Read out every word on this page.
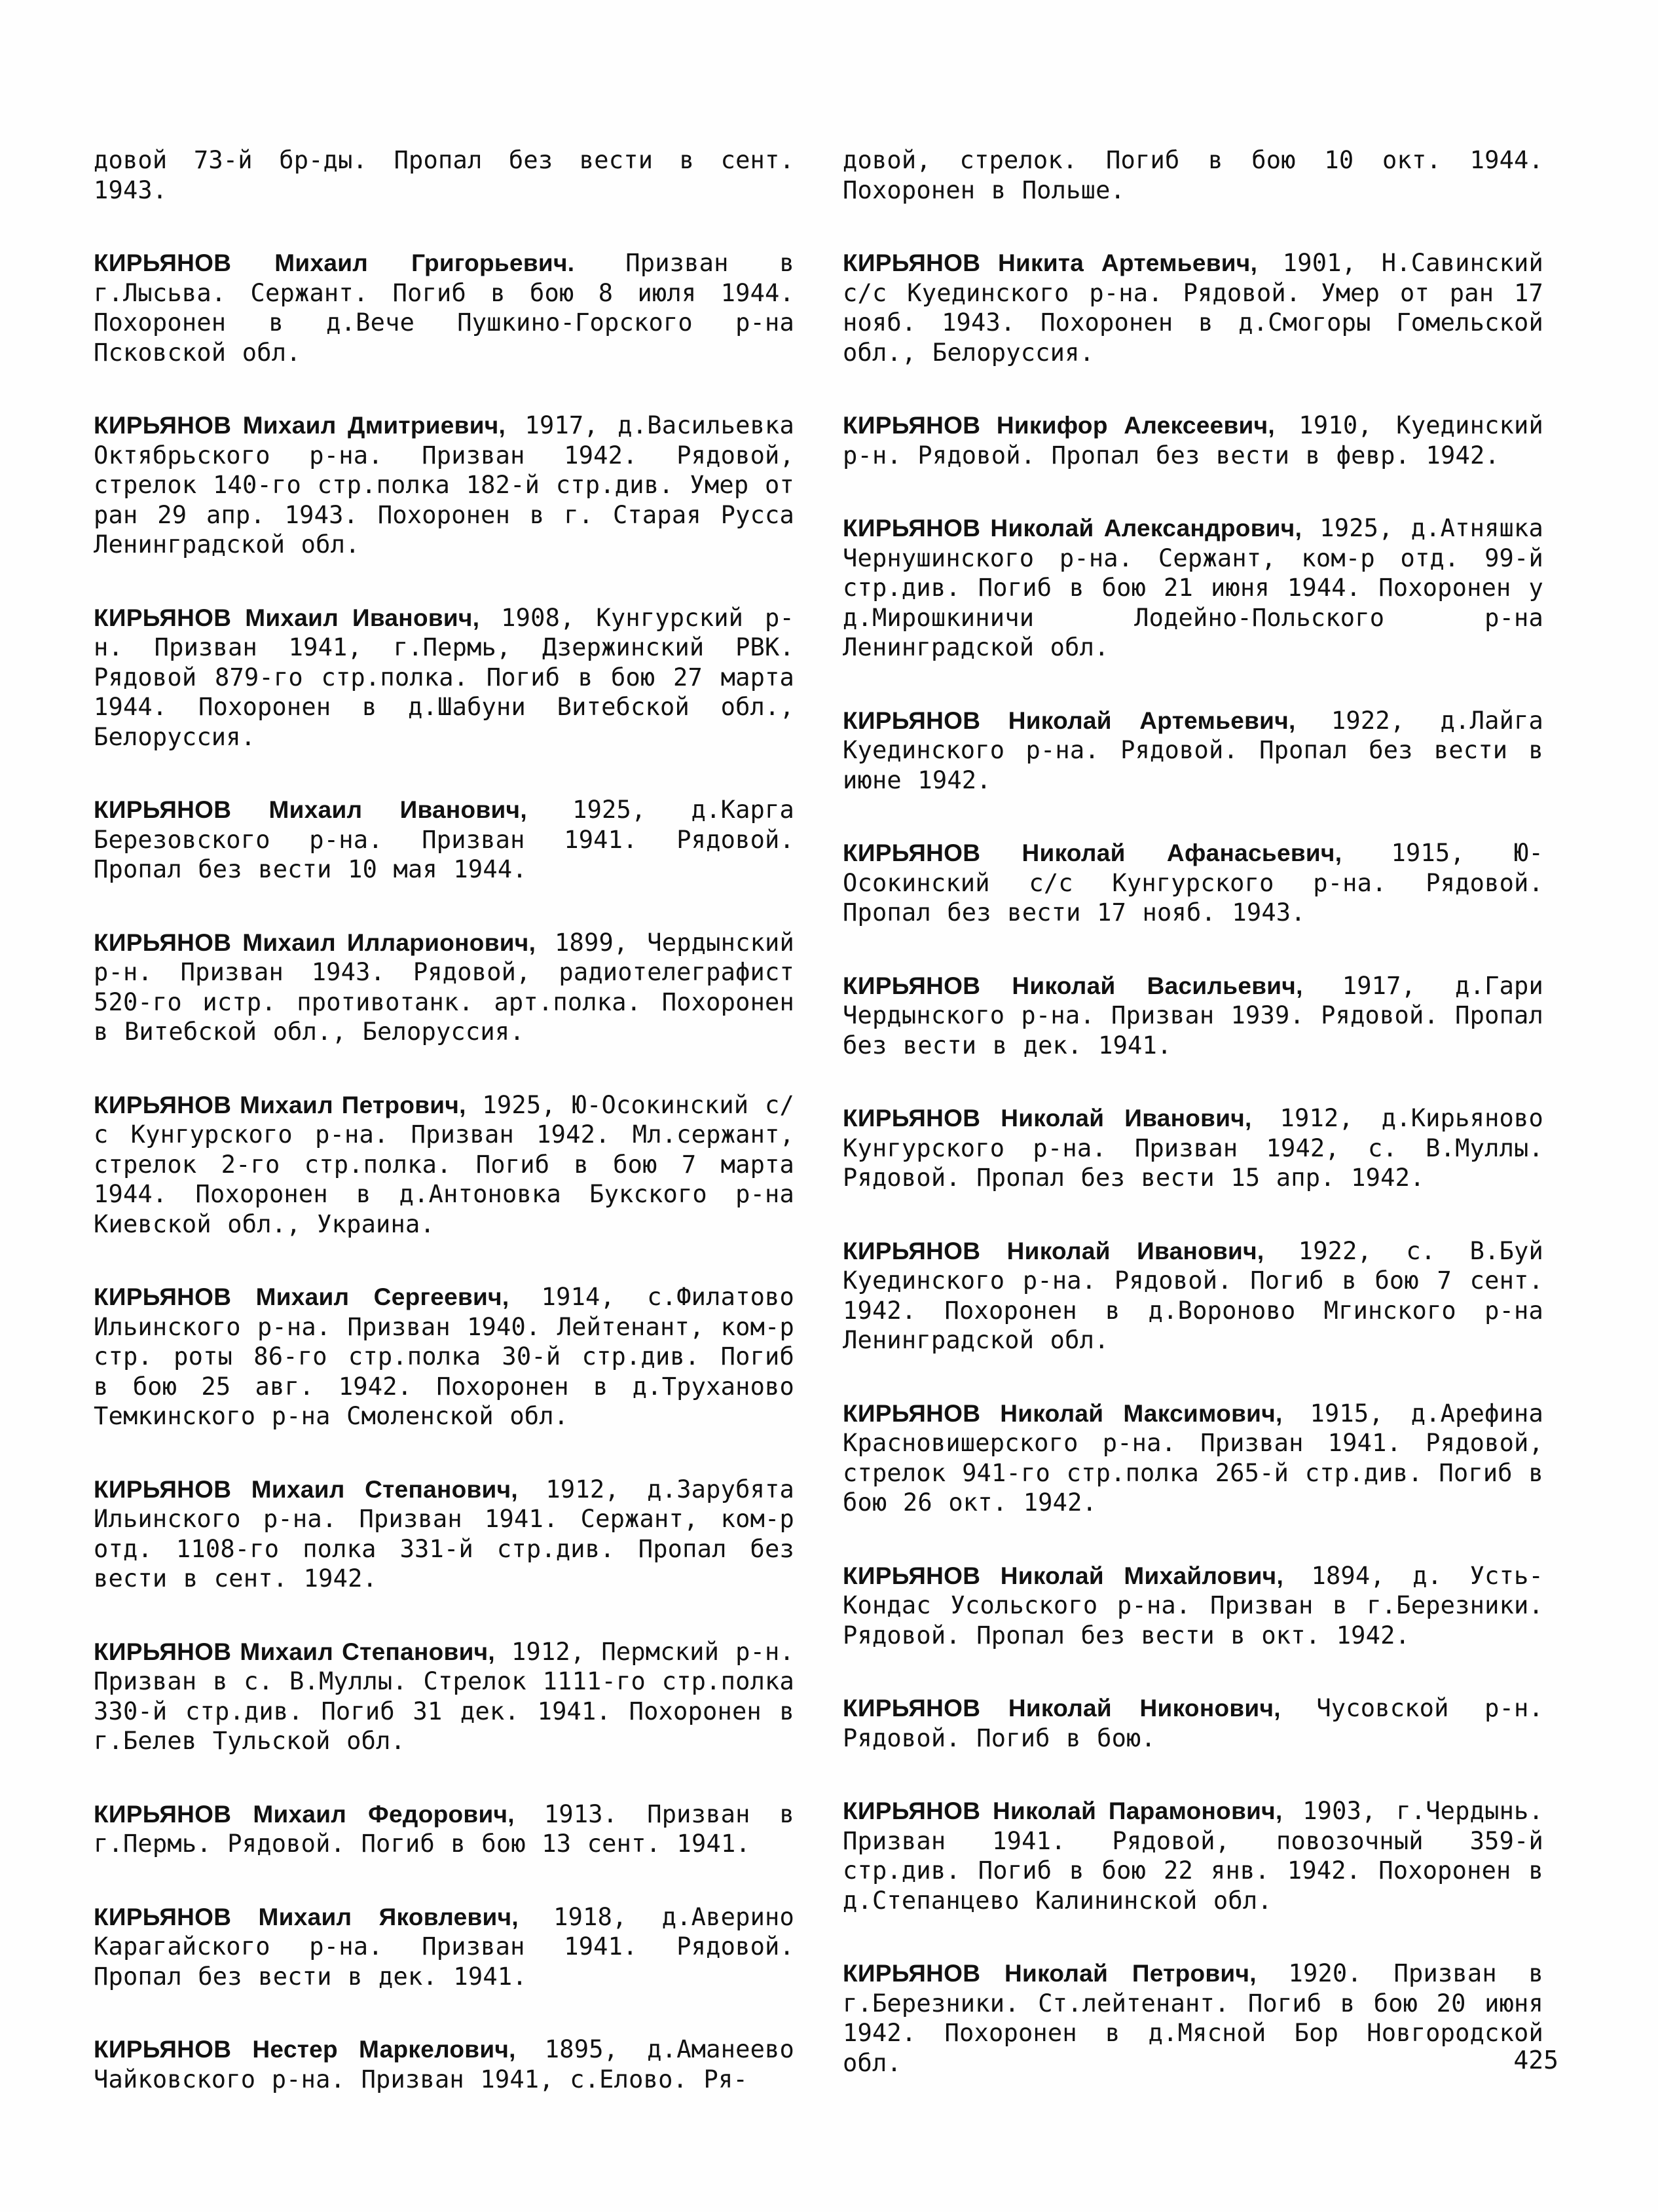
довой 73-й бр-ды. Пропал без вести в сент. 1943.

КИРЬЯНОВ Михаил Григорьевич. Призван в г.Лысьва. Сержант. Погиб в бою 8 июля 1944. Похоронен в д.Вече Пушкино-Горского р-на Псковской обл.

КИРЬЯНОВ Михаил Дмитриевич, 1917, д.Васильевка Октябрьского р-на. Призван 1942. Рядовой, стрелок 140-го стр.полка 182-й стр.див. Умер от ран 29 апр. 1943. Похоронен в г. Старая Русса Ленинградской обл.

КИРЬЯНОВ Михаил Иванович, 1908, Кунгурский р-н. Призван 1941, г.Пермь, Дзержинский РВК. Рядовой 879-го стр.полка. Погиб в бою 27 марта 1944. Похоронен в д.Шабуни Витебской обл., Белоруссия.

КИРЬЯНОВ Михаил Иванович, 1925, д.Карга Березовского р-на. Призван 1941. Рядовой. Пропал без вести 10 мая 1944.

КИРЬЯНОВ Михаил Илларионович, 1899, Чердынский р-н. Призван 1943. Рядовой, радиотелеграфист 520-го истр. противотанк. арт.полка. Похоронен в Витебской обл., Белоруссия.

КИРЬЯНОВ Михаил Петрович, 1925, Ю-Осокинский с/с Кунгурского р-на. Призван 1942. Мл.сержант, стрелок 2-го стр.полка. Погиб в бою 7 марта 1944. Похоронен в д.Антоновка Букского р-на Киевской обл., Украина.

КИРЬЯНОВ Михаил Сергеевич, 1914, с.Филатово Ильинского р-на. Призван 1940. Лейтенант, ком-р стр. роты 86-го стр.полка 30-й стр.див. Погиб в бою 25 авг. 1942. Похоронен в д.Труханово Темкинского р-на Смоленской обл.

КИРЬЯНОВ Михаил Степанович, 1912, д.Зарубята Ильинского р-на. Призван 1941. Сержант, ком-р отд. 1108-го полка 331-й стр.див. Пропал без вести в сент. 1942.

КИРЬЯНОВ Михаил Степанович, 1912, Пермский р-н. Призван в с. В.Муллы. Стрелок 1111-го стр.полка 330-й стр.див. Погиб 31 дек. 1941. Похоронен в г.Белев Тульской обл.

КИРЬЯНОВ Михаил Федорович, 1913. Призван в г.Пермь. Рядовой. Погиб в бою 13 сент. 1941.

КИРЬЯНОВ Михаил Яковлевич, 1918, д.Аверино Карагайского р-на. Призван 1941. Рядовой. Пропал без вести в дек. 1941.

КИРЬЯНОВ Нестер Маркелович, 1895, д.Аманеево Чайковского р-на. Призван 1941, с.Елово. Ря-

довой, стрелок. Погиб в бою 10 окт. 1944. Похоронен в Польше.

КИРЬЯНОВ Никита Артемьевич, 1901, Н.Савинский с/с Куединского р-на. Рядовой. Умер от ран 17 нояб. 1943. Похоронен в д.Смогоры Гомельской обл., Белоруссия.

КИРЬЯНОВ Никифор Алексеевич, 1910, Куединский р-н. Рядовой. Пропал без вести в февр. 1942.

КИРЬЯНОВ Николай Александрович, 1925, д.Атняшка Чернушинского р-на. Сержант, ком-р отд. 99-й стр.див. Погиб в бою 21 июня 1944. Похоронен у д.Мирошкиничи Лодейно-Польского р-на Ленинградской обл.

КИРЬЯНОВ Николай Артемьевич, 1922, д.Лайга Куединского р-на. Рядовой. Пропал без вести в июне 1942.

КИРЬЯНОВ Николай Афанасьевич, 1915, Ю-Осокинский с/с Кунгурского р-на. Рядовой. Пропал без вести 17 нояб. 1943.

КИРЬЯНОВ Николай Васильевич, 1917, д.Гари Чердынского р-на. Призван 1939. Рядовой. Пропал без вести в дек. 1941.

КИРЬЯНОВ Николай Иванович, 1912, д.Кирьяново Кунгурского р-на. Призван 1942, с. В.Муллы. Рядовой. Пропал без вести 15 апр. 1942.

КИРЬЯНОВ Николай Иванович, 1922, с. В.Буй Куединского р-на. Рядовой. Погиб в бою 7 сент. 1942. Похоронен в д.Вороново Мгинского р-на Ленинградской обл.

КИРЬЯНОВ Николай Максимович, 1915, д.Арефина Красновишерского р-на. Призван 1941. Рядовой, стрелок 941-го стр.полка 265-й стр.див. Погиб в бою 26 окт. 1942.

КИРЬЯНОВ Николай Михайлович, 1894, д. Усть-Кондас Усольского р-на. Призван в г.Березники. Рядовой. Пропал без вести в окт. 1942.

КИРЬЯНОВ Николай Никонович, Чусовской р-н. Рядовой. Погиб в бою.

КИРЬЯНОВ Николай Парамонович, 1903, г.Чердынь. Призван 1941. Рядовой, повозочный 359-й стр.див. Погиб в бою 22 янв. 1942. Похоронен в д.Степанцево Калининской обл.

КИРЬЯНОВ Николай Петрович, 1920. Призван в г.Березники. Ст.лейтенант. Погиб в бою 20 июня 1942. Похоронен в д.Мясной Бор Новгородской обл.	425
